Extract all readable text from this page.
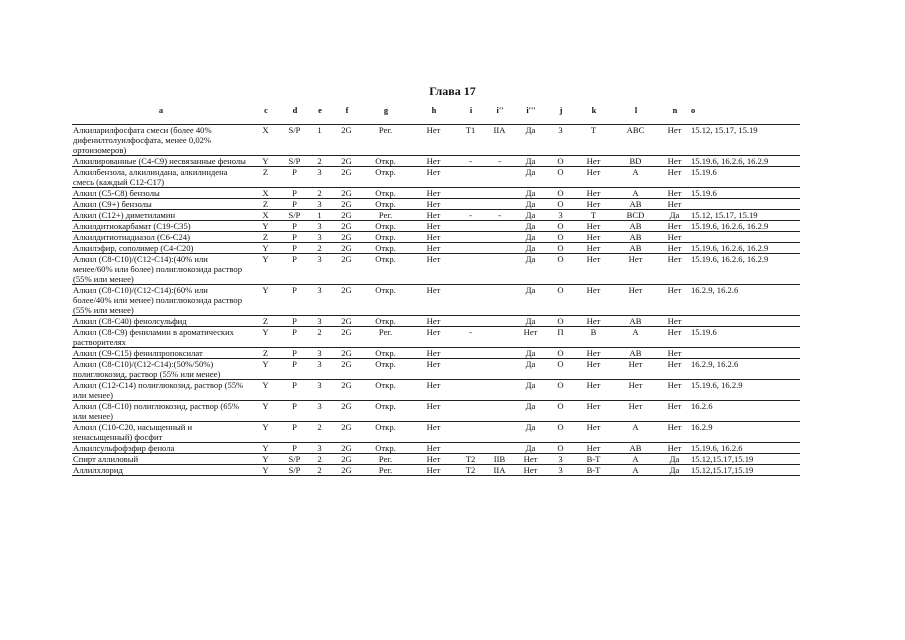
Глава 17
a	c	d	e	f	g	h	i	i''	i'''	j	k	l	n	o
Алкиларилфосфата смеси (более 40% дифенилтолуилфосфата, менее 0,02% ортоизомеров)	X	S/P	1	2G	Рег.	Нет	T1	IIA	Да	3	T	ABC	Нет	15.12, 15.17, 15.19
Алкилированные (C4-C9) несвязанные фенолы	Y	S/P	2	2G	Откр.	Нет	-	-	Да	О	Нет	BD	Нет	15.19.6, 16.2.6, 16.2.9
Алкилбензола, алкилиндана, алкилиндена смесь (каждый C12-C17)	Z	P	3	2G	Откр.	Нет			Да	О	Нет	A	Нет	15.19.6
Алкил (C5-C8) бензолы	X	P	2	2G	Откр.	Нет			Да	О	Нет	A	Нет	15.19.6
Алкил (C9+) бензолы	Z	P	3	2G	Откр.	Нет			Да	О	Нет	AB	Нет	
Алкил (C12+) диметиламин	X	S/P	1	2G	Рег.	Нет	-	-	Да	3	T	BCD	Да	15.12, 15.17, 15.19
Алкилдитиокарбамат (C19-C35)	Y	P	3	2G	Откр.	Нет			Да	О	Нет	AB	Нет	15.19.6, 16.2.6, 16.2.9
Алкилдитиотиадиазол (C6-C24)	Z	P	3	2G	Откр.	Нет			Да	О	Нет	AB	Нет	
Алкилэфир, сополимер (C4-C20)	Y	P	2	2G	Откр.	Нет			Да	О	Нет	AB	Нет	15.19.6, 16.2.6, 16.2.9
Алкил (C8-C10)/(C12-C14):(40% или менее/60% или более) полиглюкозида раствор (55% или менее)	Y	P	3	2G	Откр.	Нет			Да	О	Нет	Нет	Нет	15.19.6, 16.2.6, 16.2.9
Алкил (C8-C10)/(C12-C14):(60% или более/40% или менее) полиглюкозида раствор (55% или менее)	Y	P	3	2G	Откр.	Нет			Да	О	Нет	Нет	Нет	16.2.9, 16.2.6
Алкил (C8-C40) фенолсульфид	Z	P	3	2G	Откр.	Нет			Да	О	Нет	AB	Нет	
Алкил (C8-C9) фениламин в ароматических растворителях	Y	P	2	2G	Рег.	Нет	-		Нет	П	B	A	Нет	15.19.6
Алкил (C9-C15) фенилпропоксилат	Z	P	3	2G	Откр.	Нет			Да	О	Нет	AB	Нет	
Алкил (C8-C10)/(C12-C14):(50%/50%) полиглюкозид, раствор (55% или менее)	Y	P	3	2G	Откр.	Нет			Да	О	Нет	Нет	Нет	16.2.9, 16.2.6
Алкил (C12-C14) полиглюкозид, раствор (55% или менее)	Y	P	3	2G	Откр.	Нет			Да	О	Нет	Нет	Нет	15.19.6, 16.2.9
Алкил (C8-C10) полиглюкозид, раствор (65% или менее)	Y	P	3	2G	Откр.	Нет			Да	О	Нет	Нет	Нет	16.2.6
Алкил (C10-C20, насыщенный и ненасыщенный) фосфит	Y	P	2	2G	Откр.	Нет			Да	О	Нет	A	Нет	16.2.9
Алкилсульфофэфир фенола	Y	P	3	2G	Откр.	Нет			Да	О	Нет	AB	Нет	15.19.6, 16.2.6
Спирт аллиловый	Y	S/P	2	2G	Рег.	Нет	T2	IIB	Нет	3	B-T	A	Да	15.12,15.17,15.19
Аллилхлорид	Y	S/P	2	2G	Рег.	Нет	T2	IIA	Нет	3	B-T	A	Да	15.12,15.17,15.19
